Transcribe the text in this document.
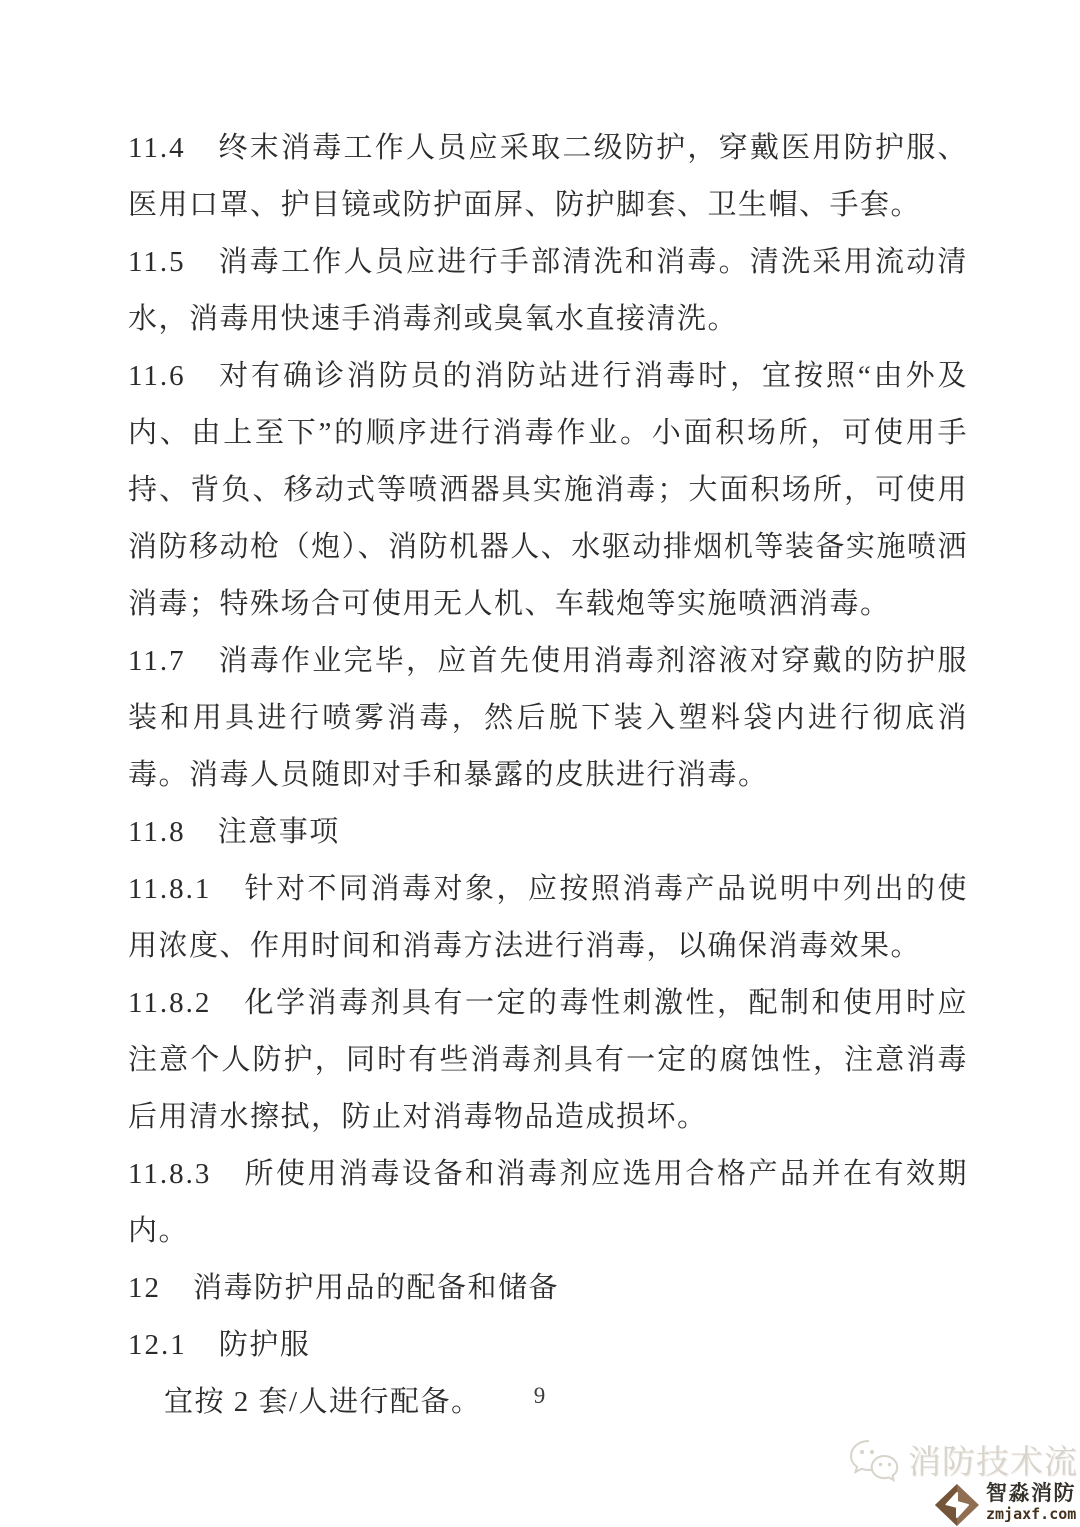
11.4 终末消毒工作人员应采取二级防护，穿戴医用防护服、医用口罩、护目镜或防护面屏、防护脚套、卫生帽、手套。

11.5 消毒工作人员应进行手部清洗和消毒。清洗采用流动清水，消毒用快速手消毒剂或臭氧水直接清洗。

11.6 对有确诊消防员的消防站进行消毒时，宜按照“由外及内、由上至下”的顺序进行消毒作业。小面积场所，可使用手持、背负、移动式等喷洒器具实施消毒；大面积场所，可使用消防移动枪（炮）、消防机器人、水驱动排烟机等装备实施喷洒消毒；特殊场合可使用无人机、车载炮等实施喷洒消毒。

11.7 消毒作业完毕，应首先使用消毒剂溶液对穿戴的防护服装和用具进行喷雾消毒，然后脱下装入塑料袋内进行彻底消毒。消毒人员随即对手和暴露的皮肤进行消毒。

11.8 注意事项

11.8.1 针对不同消毒对象，应按照消毒产品说明中列出的使用浓度、作用时间和消毒方法进行消毒，以确保消毒效果。

11.8.2 化学消毒剂具有一定的毒性刺激性，配制和使用时应注意个人防护，同时有些消毒剂具有一定的腐蚀性，注意消毒后用清水擦拭，防止对消毒物品造成损坏。

11.8.3 所使用消毒设备和消毒剂应选用合格产品并在有效期内。

12 消毒防护用品的配备和储备

12.1 防护服

宜按 2 套/人进行配备。	9
消防技术流
智淼消防
zmjaxf.com
